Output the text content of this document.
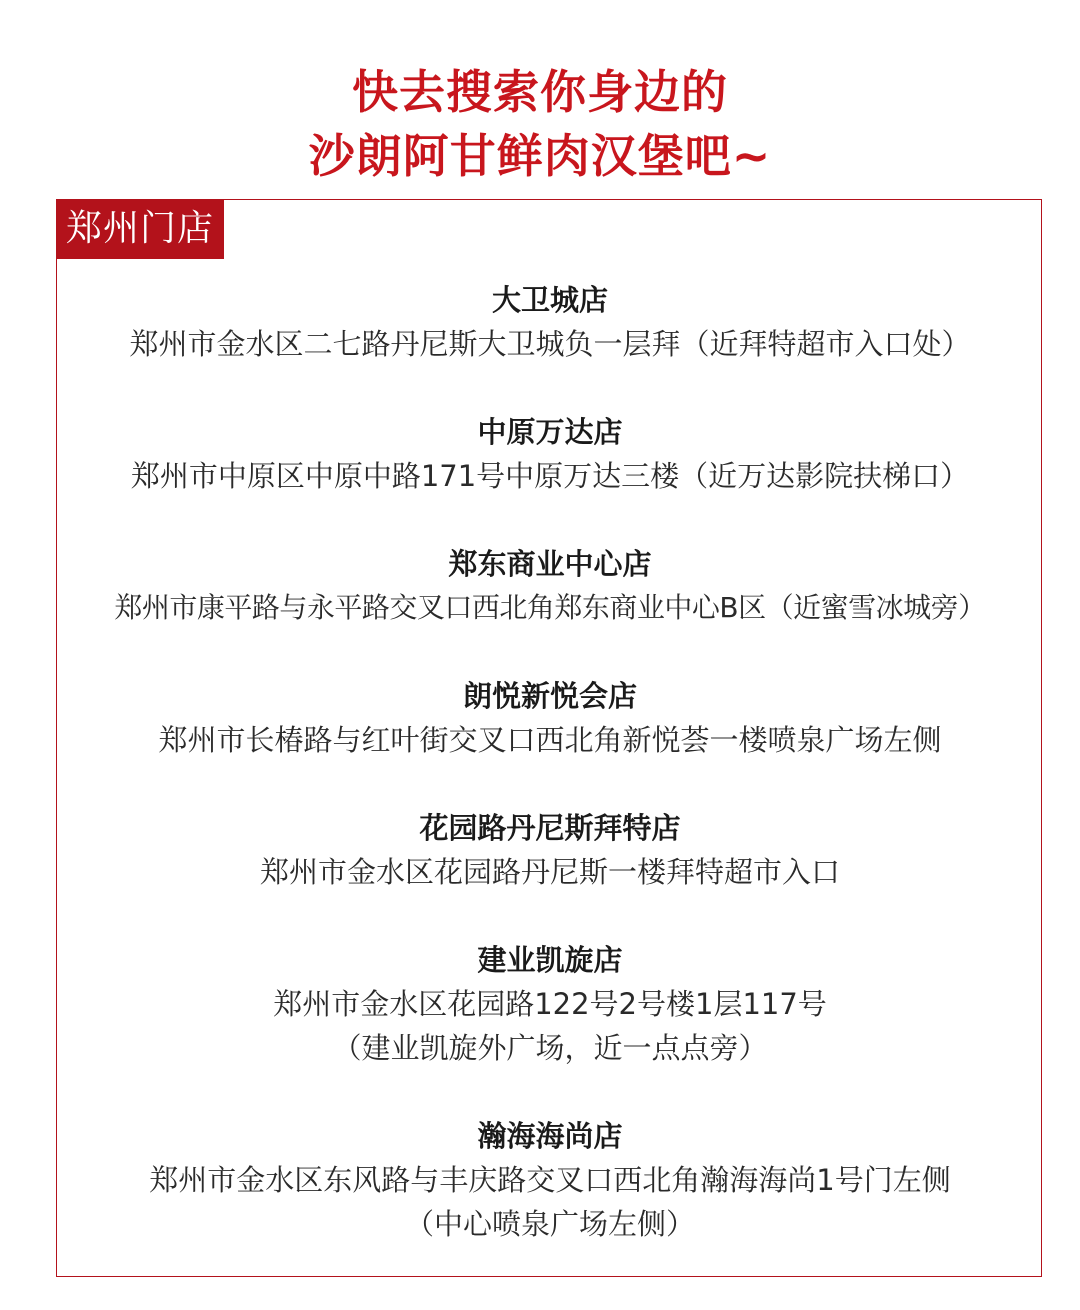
快去搜索你身边的
沙朗阿甘鲜肉汉堡吧~
郑州门店
大卫城店
郑州市金水区二七路丹尼斯大卫城负一层拜（近拜特超市入口处）
中原万达店
郑州市中原区中原中路171号中原万达三楼（近万达影院扶梯口）
郑东商业中心店
郑州市康平路与永平路交叉口西北角郑东商业中心B区（近蜜雪冰城旁）
朗悦新悦会店
郑州市长椿路与红叶街交叉口西北角新悦荟一楼喷泉广场左侧
花园路丹尼斯拜特店
郑州市金水区花园路丹尼斯一楼拜特超市入口
建业凯旋店
郑州市金水区花园路122号2号楼1层117号
（建业凯旋外广场，近一点点旁）
瀚海海尚店
郑州市金水区东风路与丰庆路交叉口西北角瀚海海尚1号门左侧
（中心喷泉广场左侧）
